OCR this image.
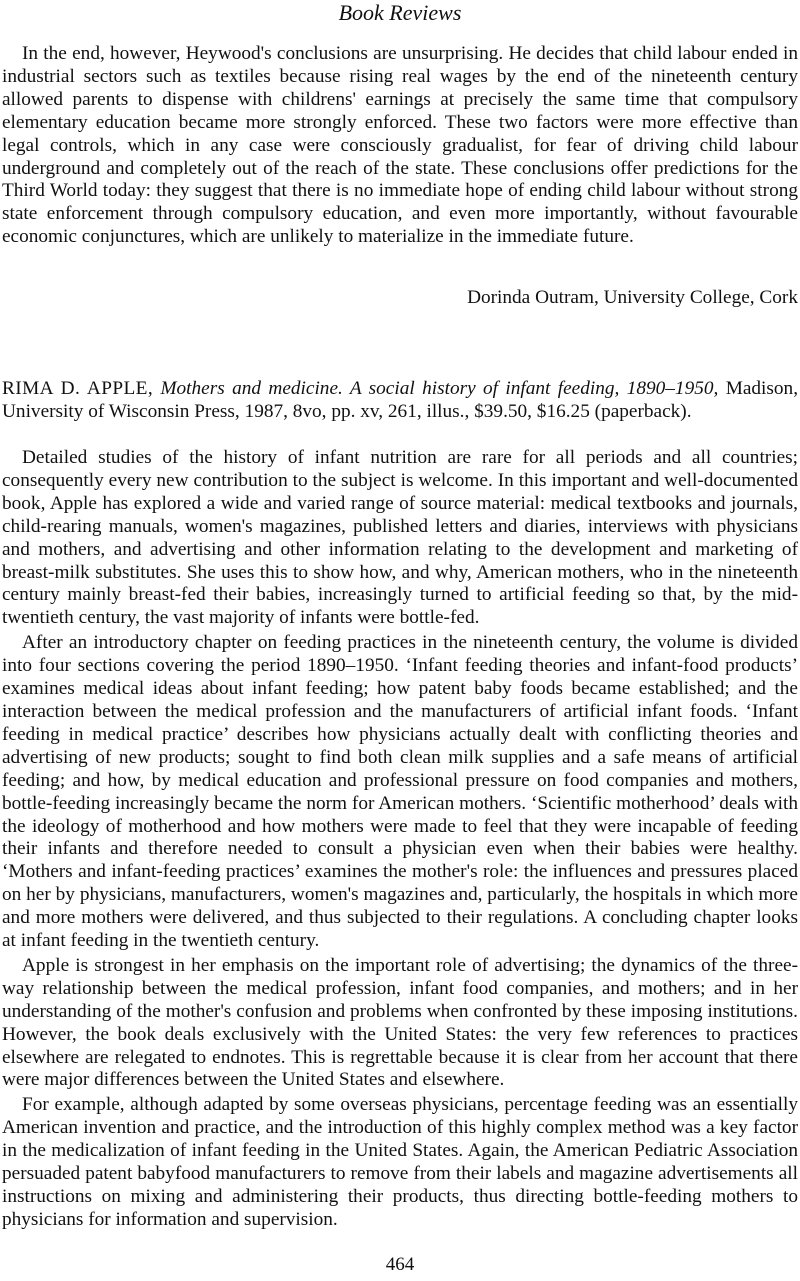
Book Reviews

In the end, however, Heywood's conclusions are unsurprising. He decides that child labour ended in industrial sectors such as textiles because rising real wages by the end of the nineteenth century allowed parents to dispense with childrens' earnings at precisely the same time that compulsory elementary education became more strongly enforced. These two factors were more effective than legal controls, which in any case were consciously gradualist, for fear of driving child labour underground and completely out of the reach of the state. These conclusions offer predictions for the Third World today: they suggest that there is no immediate hope of ending child labour without strong state enforcement through compulsory education, and even more importantly, without favourable economic conjunctures, which are unlikely to materialize in the immediate future.

Dorinda Outram, University College, Cork
RIMA D. APPLE, Mothers and medicine. A social history of infant feeding, 1890–1950, Madison, University of Wisconsin Press, 1987, 8vo, pp. xv, 261, illus., $39.50, $16.25 (paperback).

Detailed studies of the history of infant nutrition are rare for all periods and all countries; consequently every new contribution to the subject is welcome. In this important and well-documented book, Apple has explored a wide and varied range of source material: medical textbooks and journals, child-rearing manuals, women's magazines, published letters and diaries, interviews with physicians and mothers, and advertising and other information relating to the development and marketing of breast-milk substitutes. She uses this to show how, and why, American mothers, who in the nineteenth century mainly breast-fed their babies, increasingly turned to artificial feeding so that, by the mid-twentieth century, the vast majority of infants were bottle-fed.

After an introductory chapter on feeding practices in the nineteenth century, the volume is divided into four sections covering the period 1890–1950. ‘Infant feeding theories and infant-food products’ examines medical ideas about infant feeding; how patent baby foods became established; and the interaction between the medical profession and the manufacturers of artificial infant foods. ‘Infant feeding in medical practice’ describes how physicians actually dealt with conflicting theories and advertising of new products; sought to find both clean milk supplies and a safe means of artificial feeding; and how, by medical education and professional pressure on food companies and mothers, bottle-feeding increasingly became the norm for American mothers. ‘Scientific motherhood’ deals with the ideology of motherhood and how mothers were made to feel that they were incapable of feeding their infants and therefore needed to consult a physician even when their babies were healthy. ‘Mothers and infant-feeding practices’ examines the mother's role: the influences and pressures placed on her by physicians, manufacturers, women's magazines and, particularly, the hospitals in which more and more mothers were delivered, and thus subjected to their regulations. A concluding chapter looks at infant feeding in the twentieth century.

Apple is strongest in her emphasis on the important role of advertising; the dynamics of the three-way relationship between the medical profession, infant food companies, and mothers; and in her understanding of the mother's confusion and problems when confronted by these imposing institutions. However, the book deals exclusively with the United States: the very few references to practices elsewhere are relegated to endnotes. This is regrettable because it is clear from her account that there were major differences between the United States and elsewhere.

For example, although adapted by some overseas physicians, percentage feeding was an essentially American invention and practice, and the introduction of this highly complex method was a key factor in the medicalization of infant feeding in the United States. Again, the American Pediatric Association persuaded patent babyfood manufacturers to remove from their labels and magazine advertisements all instructions on mixing and administering their products, thus directing bottle-feeding mothers to physicians for information and supervision.

464
